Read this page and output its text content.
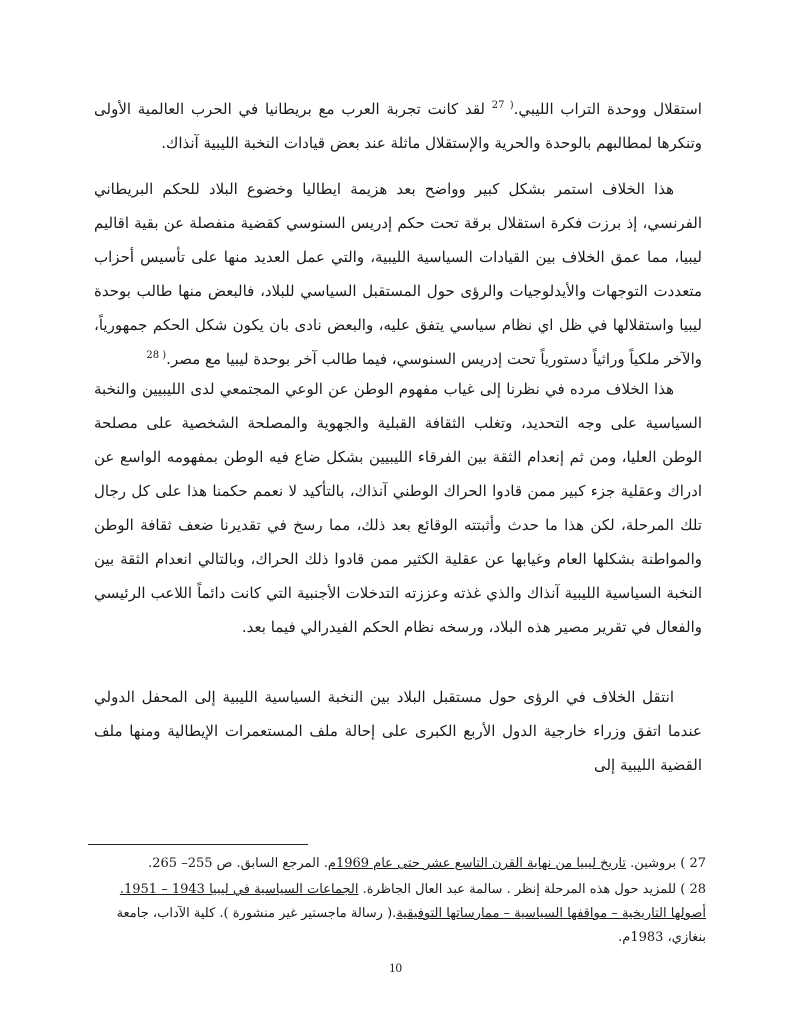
استقلال ووحدة التراب الليبي.$^{( 27}$ لقد كانت تجربة العرب مع بريطانيا في الحرب العالمية الأولى وتنكرها لمطالبهم بالوحدة والحرية والإستقلال ماثلة عند بعض قيادات النخبة الليبية آنذاك.

هذا الخلاف استمر بشكل كبير وواضح بعد هزيمة ايطاليا وخضوع البلاد للحكم البريطاني الفرنسي، إذ برزت فكرة استقلال برقة تحت حكم إدريس السنوسي كقضية منفصلة عن بقية اقاليم ليبيا، مما عمق الخلاف بين القيادات السياسية الليبية، والتي عمل العديد منها على تأسيس أحزاب متعددت التوجهات والأيدلوجيات والرؤى حول المستقبل السياسي للبلاد، فالبعض منها طالب بوحدة ليبيا واستقلالها في ظل اي نظام سياسي يتفق عليه، والبعض نادى بان يكون شكل الحكم جمهورياً، والآخر ملكياً وراثياً دستورياً تحت إدريس السنوسي، فيما طالب آخر بوحدة ليبيا مع مصر.$^{( 28}$

هذا الخلاف مرده في نظرنا إلى غياب مفهوم الوطن عن الوعي المجتمعي لدى الليبيين والنخبة السياسية على وجه التحديد، وتغلب الثقافة القبلية والجهوية والمصلحة الشخصية على مصلحة الوطن العليا، ومن ثم إنعدام الثقة بين الفرقاء الليبيين بشكل ضاع فيه الوطن بمفهومه الواسع عن ادراك وعقلية جزء كبير ممن قادوا الحراك الوطني آنذاك، بالتأكيد لا نعمم حكمنا هذا على كل رجال تلك المرحلة، لكن هذا ما حدث وأثبتته الوقائع بعد ذلك، مما رسخ في تقديرنا ضعف ثقافة الوطن والمواطنة بشكلها العام وغيابها عن عقلية الكثير ممن قادوا ذلك الحراك، وبالتالي انعدام الثقة بين النخبة السياسية الليبية آنذاك والذي غذته وعززته التدخلات الأجنبية التي كانت دائماً اللاعب الرئيسي والفعال في تقرير مصير هذه البلاد، ورسخه نظام الحكم الفيدرالي فيما بعد.

انتقل الخلاف في الرؤى حول مستقبل البلاد بين النخبة السياسية الليبية إلى المحفل الدولي عندما اتفق وزراء خارجية الدول الأربع الكبرى على إحالة ملف المستعمرات الإيطالية ومنها ملف القضية الليبية إلى

27 ) بروشين. تاريخ ليبيا من نهاية القرن التاسع عشر حتى عام 1969م. المرجع السابق. ص 255– 265.
28 ) للمزيد حول هذه المرحلة إنظر . سالمة عبد العال الجاظرة. الجماعات السياسية في ليبيا 1943 – 1951. أصولها التاريخية – مواقفها السياسية – ممارساتها التوفيقية.( رسالة ماجستير غير منشورة ). كلية الآداب، جامعة بنغازي، 1983م.
10
